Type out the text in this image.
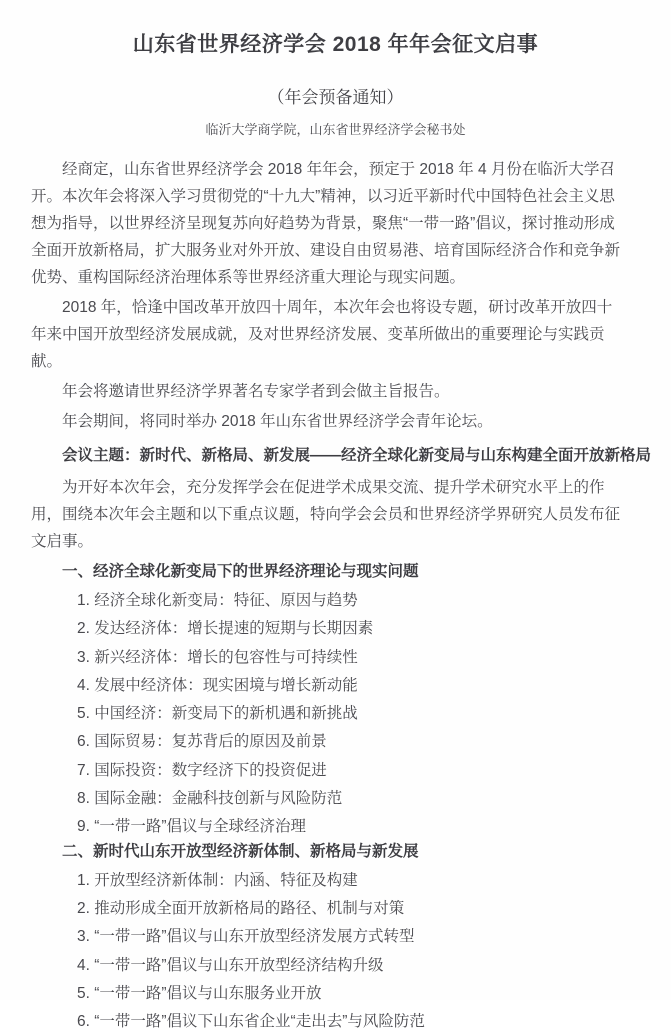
山东省世界经济学会 2018 年年会征文启事
（年会预备通知）

临沂大学商学院，山东省世界经济学会秘书处

经商定，山东省世界经济学会 2018 年年会，预定于 2018 年 4 月份在临沂大学召开。本次年会将深入学习贯彻党的“十九大”精神，以习近平新时代中国特色社会主义思想为指导，以世界经济呈现复苏向好趋势为背景，聚焦“一带一路”倡议，探讨推动形成全面开放新格局，扩大服务业对外开放、建设自由贸易港、培育国际经济合作和竞争新优势、重构国际经济治理体系等世界经济重大理论与现实问题。

2018 年，恰逢中国改革开放四十周年，本次年会也将设专题，研讨改革开放四十年来中国开放型经济发展成就，及对世界经济发展、变革所做出的重要理论与实践贡献。

年会将邀请世界经济学界著名专家学者到会做主旨报告。

年会期间，将同时举办 2018 年山东省世界经济学会青年论坛。

会议主题：新时代、新格局、新发展——经济全球化新变局与山东构建全面开放新格局

为开好本次年会，充分发挥学会在促进学术成果交流、提升学术研究水平上的作用，围绕本次年会主题和以下重点议题，特向学会会员和世界经济学界研究人员发布征文启事。

一、经济全球化新变局下的世界经济理论与现实问题

1. 经济全球化新变局：特征、原因与趋势
2. 发达经济体：增长提速的短期与长期因素
3. 新兴经济体：增长的包容性与可持续性
4. 发展中经济体：现实困境与增长新动能
5. 中国经济：新变局下的新机遇和新挑战
6. 国际贸易：复苏背后的原因及前景
7. 国际投资：数字经济下的投资促进
8. 国际金融：金融科技创新与风险防范
9. “一带一路”倡议与全球经济治理

二、新时代山东开放型经济新体制、新格局与新发展

1. 开放型经济新体制：内涵、特征及构建
2. 推动形成全面开放新格局的路径、机制与对策
3. “一带一路”倡议与山东开放型经济发展方式转型
4. “一带一路”倡议与山东开放型经济结构升级
5. “一带一路”倡议与山东服务业开放
6. “一带一路”倡议下山东省企业“走出去”与风险防范
